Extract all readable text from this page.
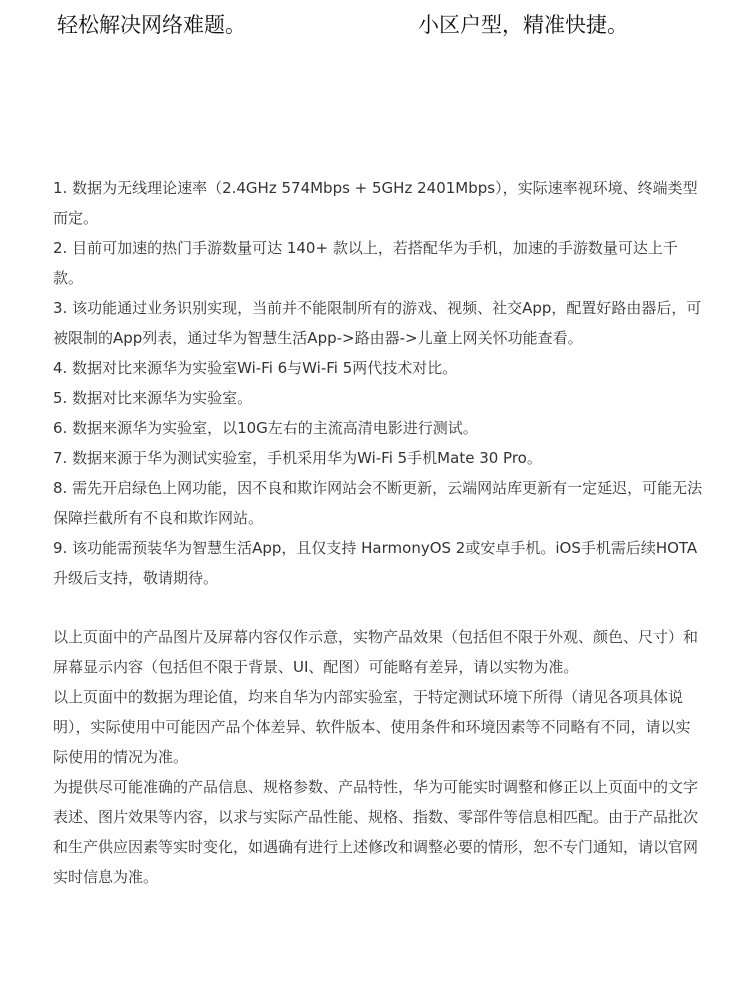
轻松解决网络难题。	小区户型，精准快捷。

1. 数据为无线理论速率（2.4GHz 574Mbps + 5GHz 2401Mbps），实际速率视环境、终端类型而定。

2. 目前可加速的热门手游数量可达 140+ 款以上，若搭配华为手机，加速的手游数量可达上千款。

3. 该功能通过业务识别实现，当前并不能限制所有的游戏、视频、社交App，配置好路由器后，可被限制的App列表，通过华为智慧生活App->路由器->儿童上网关怀功能查看。

4. 数据对比来源华为实验室Wi-Fi 6与Wi-Fi 5两代技术对比。

5. 数据对比来源华为实验室。

6. 数据来源华为实验室，以10G左右的主流高清电影进行测试。

7. 数据来源于华为测试实验室，手机采用华为Wi-Fi 5手机Mate 30 Pro。

8. 需先开启绿色上网功能，因不良和欺诈网站会不断更新，云端网站库更新有一定延迟，可能无法保障拦截所有不良和欺诈网站。

9. 该功能需预装华为智慧生活App，且仅支持 HarmonyOS 2或安卓手机。iOS手机需后续HOTA升级后支持，敬请期待。

以上页面中的产品图片及屏幕内容仅作示意，实物产品效果（包括但不限于外观、颜色、尺寸）和屏幕显示内容（包括但不限于背景、UI、配图）可能略有差异，请以实物为准。

以上页面中的数据为理论值，均来自华为内部实验室，于特定测试环境下所得（请见各项具体说明），实际使用中可能因产品个体差异、软件版本、使用条件和环境因素等不同略有不同，请以实际使用的情况为准。

为提供尽可能准确的产品信息、规格参数、产品特性，华为可能实时调整和修正以上页面中的文字表述、图片效果等内容，以求与实际产品性能、规格、指数、零部件等信息相匹配。由于产品批次和生产供应因素等实时变化，如遇确有进行上述修改和调整必要的情形，恕不专门通知，请以官网实时信息为准。
